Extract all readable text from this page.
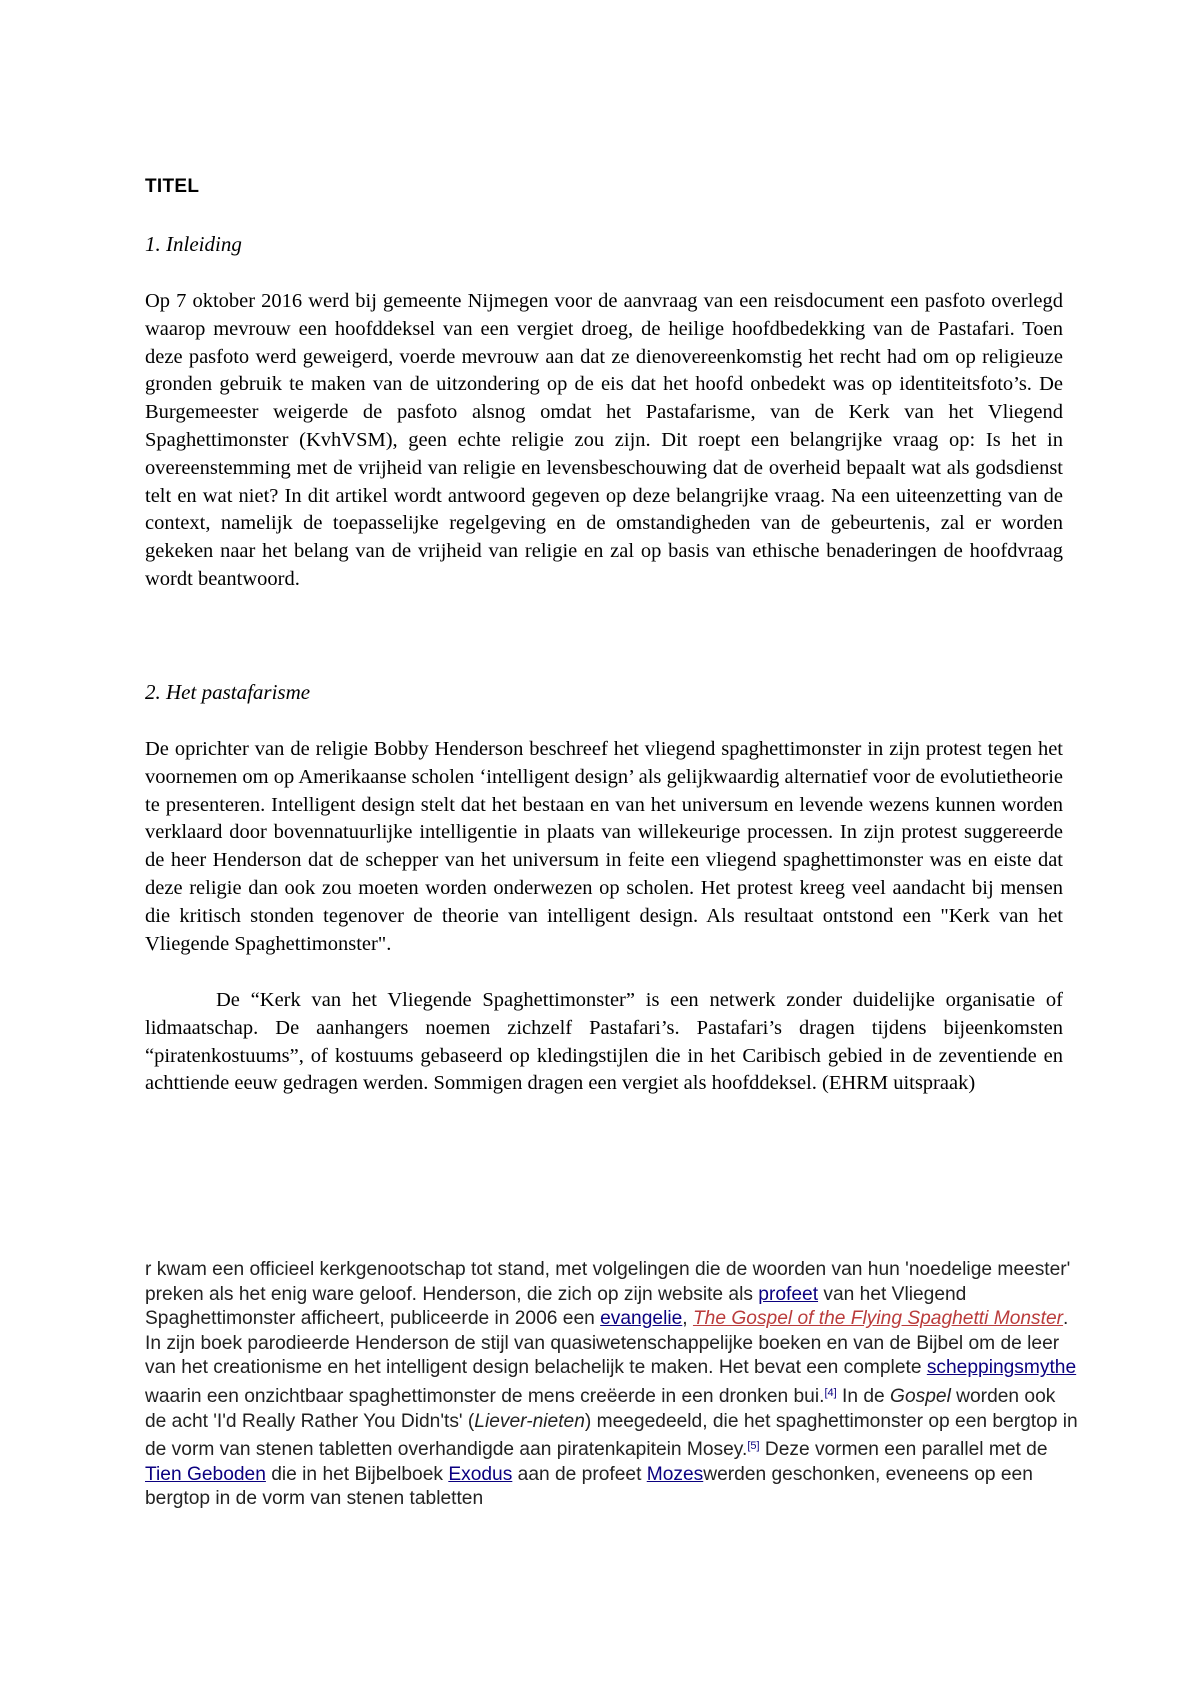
TITEL
1. Inleiding

Op 7 oktober 2016 werd bij gemeente Nijmegen voor de aanvraag van een reisdocument een pasfoto overlegd waarop mevrouw een hoofddeksel van een vergiet droeg, de heilige hoofdbedekking van de Pastafari. Toen deze pasfoto werd geweigerd, voerde mevrouw aan dat ze dienovereenkomstig het recht had om op religieuze gronden gebruik te maken van de uitzondering op de eis dat het hoofd onbedekt was op identiteitsfoto’s. De Burgemeester weigerde de pasfoto alsnog omdat het Pastafarisme, van de Kerk van het Vliegend Spaghettimonster (KvhVSM), geen echte religie zou zijn. Dit roept een belangrijke vraag op: Is het in overeenstemming met de vrijheid van religie en levensbeschouwing dat de overheid bepaalt wat als godsdienst telt en wat niet? In dit artikel wordt antwoord gegeven op deze belangrijke vraag. Na een uiteenzetting van de context, namelijk de toepasselijke regelgeving en de omstandigheden van de gebeurtenis, zal er worden gekeken naar het belang van de vrijheid van religie en zal op basis van ethische benaderingen de hoofdvraag wordt beantwoord.

2. Het pastafarisme

De oprichter van de religie Bobby Henderson beschreef het vliegend spaghettimonster in zijn protest tegen het voornemen om op Amerikaanse scholen ‘intelligent design’ als gelijkwaardig alternatief voor de evolutietheorie te presenteren. Intelligent design stelt dat het bestaan en van het universum en levende wezens kunnen worden verklaard door bovennatuurlijke intelligentie in plaats van willekeurige processen. In zijn protest suggereerde de heer Henderson dat de schepper van het universum in feite een vliegend spaghettimonster was en eiste dat deze religie dan ook zou moeten worden onderwezen op scholen. Het protest kreeg veel aandacht bij mensen die kritisch stonden tegenover de theorie van intelligent design. Als resultaat ontstond een "Kerk van het Vliegende Spaghettimonster".

De “Kerk van het Vliegende Spaghettimonster” is een netwerk zonder duidelijke organisatie of lidmaatschap. De aanhangers noemen zichzelf Pastafari’s. Pastafari’s dragen tijdens bijeenkomsten “piratenkostuums”, of kostuums gebaseerd op kledingstijlen die in het Caribisch gebied in de zeventiende en achttiende eeuw gedragen werden. Sommigen dragen een vergiet als hoofddeksel. (EHRM uitspraak)

r kwam een officieel kerkgenootschap tot stand, met volgelingen die de woorden van hun 'noedelige meester' preken als het enig ware geloof. Henderson, die zich op zijn website als profeet van het Vliegend Spaghettimonster afficheert, publiceerde in 2006 een evangelie, The Gospel of the Flying Spaghetti Monster. In zijn boek parodieerde Henderson de stijl van quasiwetenschappelijke boeken en van de Bijbel om de leer van het creationisme en het intelligent design belachelijk te maken. Het bevat een complete scheppingsmythe waarin een onzichtbaar spaghettimonster de mens creëerde in een dronken bui.[4] In de Gospel worden ook de acht 'I'd Really Rather You Didn'ts' (Liever-nieten) meegedeeld, die het spaghettimonster op een bergtop in de vorm van stenen tabletten overhandigde aan piratenkapitein Mosey.[5] Deze vormen een parallel met de Tien Geboden die in het Bijbelboek Exodus aan de profeet Mozeswerden geschonken, eveneens op een bergtop in de vorm van stenen tabletten
